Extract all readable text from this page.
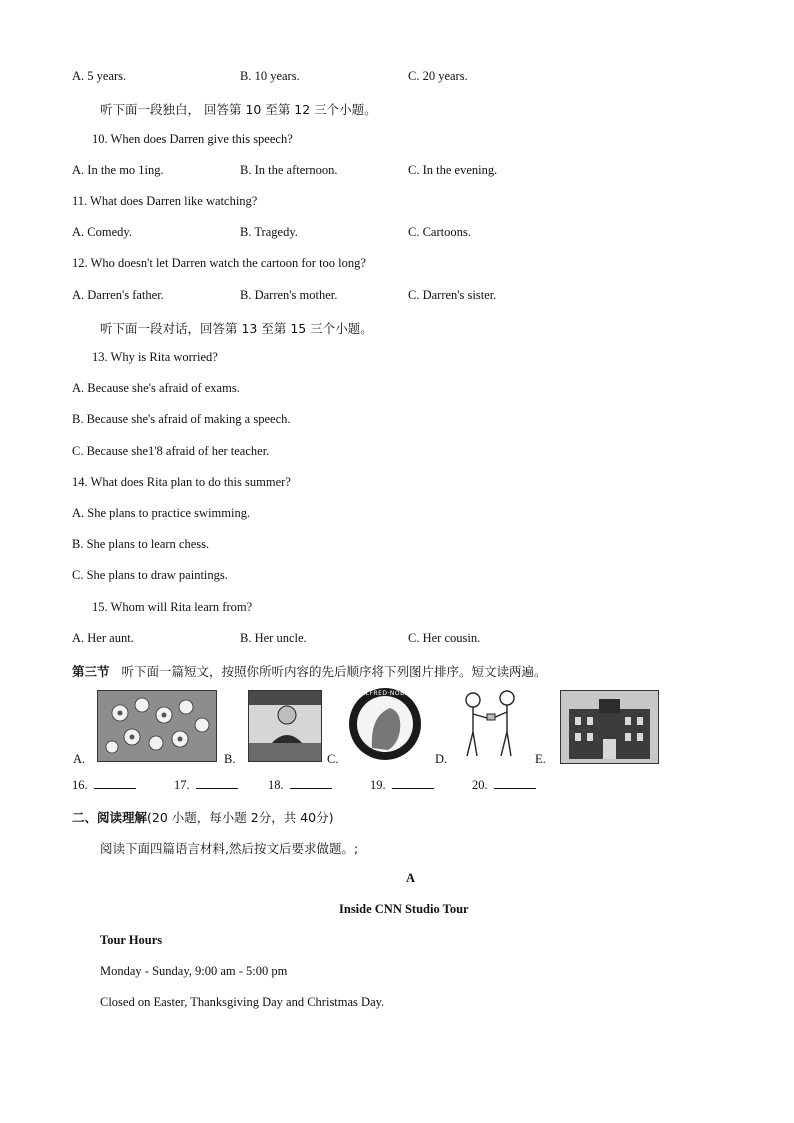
A. 5 years.	B. 10 years.	C. 20 years.
听下面一段独白， 回答第 10 至第 12 三个小题。
10. When does Darren give this speech?
A. In the mo 1ing.	B. In the afternoon.	C. In the evening.
11. What does Darren like watching?
A. Comedy.	B. Tragedy.	C. Cartoons.
12. Who doesn't let Darren watch the cartoon for too long?
A. Darren's father.	B. Darren's mother.	C. Darren's sister.
听下面一段对话，回答第 13 至第 15 三个小题。
13. Why is Rita worried?
A. Because she's afraid of exams.
B. Because she's afraid of making a speech.
C. Because she1'8 afraid of her teacher.
14. What does Rita plan to do this summer?
A. She plans to practice swimming.
B. She plans to learn chess.
C. She plans to draw paintings.
15. Whom will Rita learn from?
A. Her aunt.	B. Her uncle.	C. Her cousin.
第三节 听下面一篇短文，按照你所听内容的先后顺序将下列图片排序。短文读两遍。
A.	B.
ALFRED·NOBEL
C.	D.	E.
16.	17.	18.	19.	20.
二、阅读理解(20 小题，每小题 2分，共 40分)
阅读下面四篇语言材料,然后按文后要求做题。;
A
Inside CNN Studio Tour
Tour Hours
Monday - Sunday, 9:00 am - 5:00 pm
Closed on Easter, Thanksgiving Day and Christmas Day.
